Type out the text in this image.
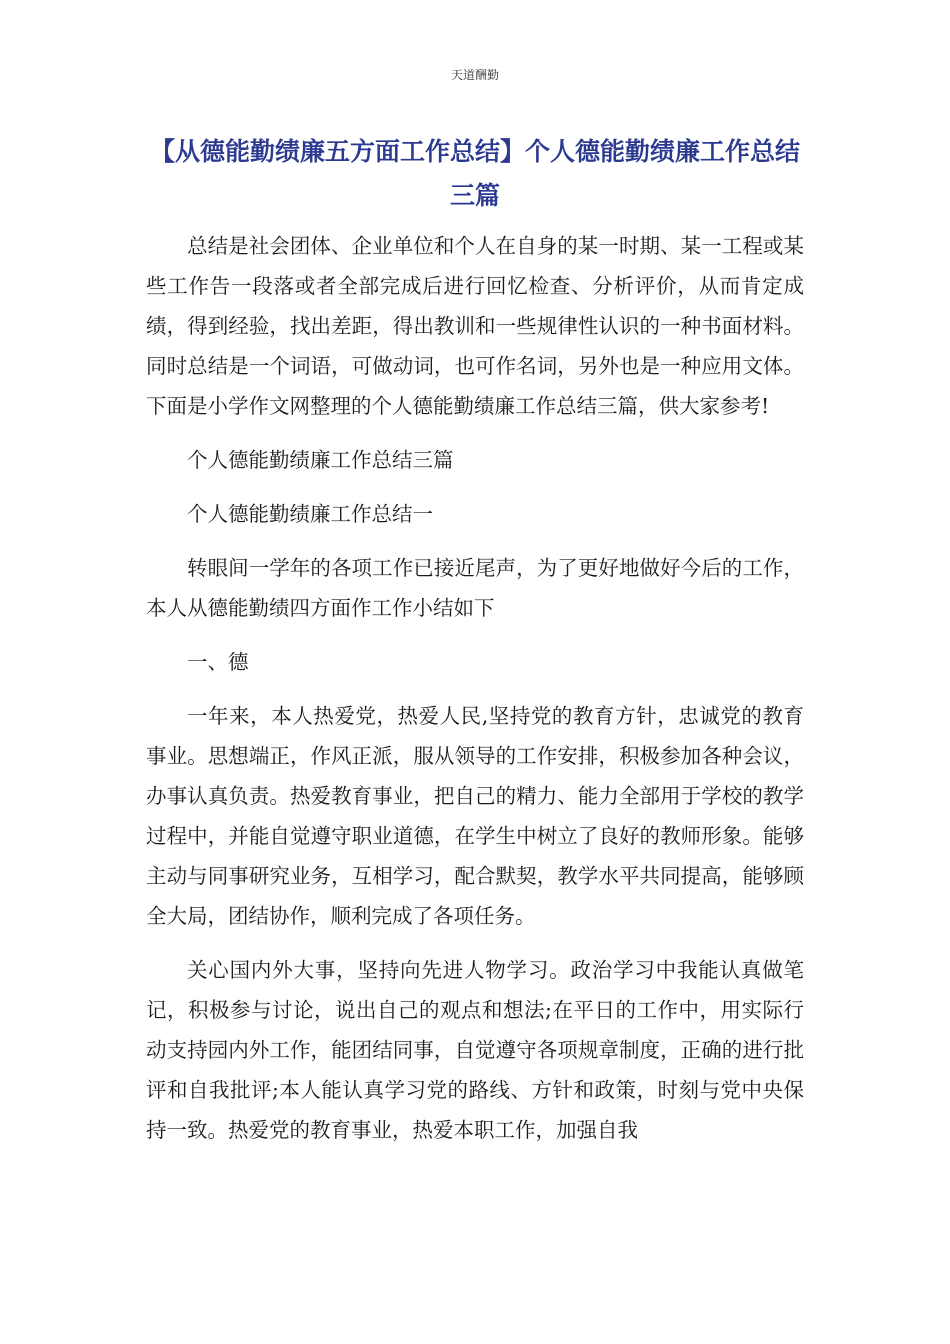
天道酬勤
【从德能勤绩廉五方面工作总结】个人德能勤绩廉工作总结三篇

总结是社会团体、企业单位和个人在自身的某一时期、某一工程或某些工作告一段落或者全部完成后进行回忆检查、分析评价，从而肯定成绩，得到经验，找出差距，得出教训和一些规律性认识的一种书面材料。同时总结是一个词语，可做动词，也可作名词，另外也是一种应用文体。下面是小学作文网整理的个人德能勤绩廉工作总结三篇，供大家参考!

个人德能勤绩廉工作总结三篇

个人德能勤绩廉工作总结一

转眼间一学年的各项工作已接近尾声，为了更好地做好今后的工作，本人从德能勤绩四方面作工作小结如下

一、德

一年来，本人热爱党，热爱人民,坚持党的教育方针，忠诚党的教育事业。思想端正，作风正派，服从领导的工作安排，积极参加各种会议，办事认真负责。热爱教育事业，把自己的精力、能力全部用于学校的教学过程中，并能自觉遵守职业道德，在学生中树立了良好的教师形象。能够主动与同事研究业务，互相学习，配合默契，教学水平共同提高，能够顾全大局，团结协作，顺利完成了各项任务。

关心国内外大事，坚持向先进人物学习。政治学习中我能认真做笔记，积极参与讨论，说出自己的观点和想法;在平日的工作中，用实际行动支持园内外工作，能团结同事，自觉遵守各项规章制度，正确的进行批评和自我批评;本人能认真学习党的路线、方针和政策，时刻与党中央保持一致。热爱党的教育事业，热爱本职工作，加强自我
